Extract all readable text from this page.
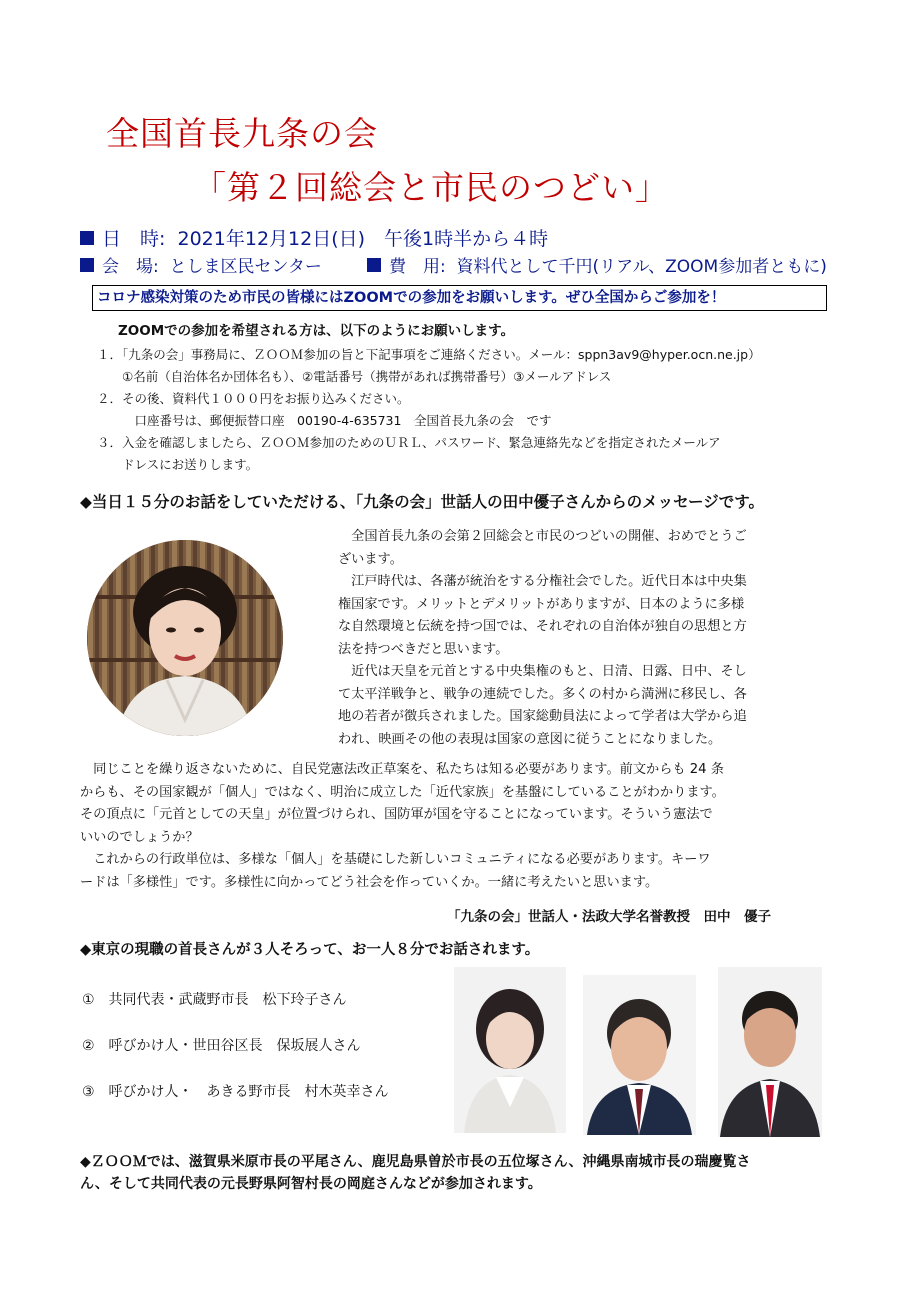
全国首長九条の会
「第２回総会と市民のつどい」
日　時: 2021年12月12日(日)　午後1時半から４時
会　場: としま区民センター	費　用: 資料代として千円(リアル、ZOOM参加者ともに)
コロナ感染対策のため市民の皆様にはZOOMでの参加をお願いします。ぜひ全国からご参加を！
ZOOMでの参加を希望される方は、以下のようにお願いします。
１．「九条の会」事務局に、ＺＯＯＭ参加の旨と下記事項をご連絡ください。メール：sppn3av9@hyper.ocn.ne.jp）
　　①名前（自治体名か団体名も）、②電話番号（携帯があれば携帯番号）③メールアドレス
２．その後、資料代１０００円をお振り込みください。
　　　口座番号は、郵便振替口座　00190-4-635731　全国首長九条の会　です
３．入金を確認しましたら、ＺＯＯＭ参加のためのＵＲＬ、パスワード、緊急連絡先などを指定されたメールア
　　ドレスにお送りします。
◆当日１５分のお話をしていただける、「九条の会」世話人の田中優子さんからのメッセージです。
　全国首長九条の会第２回総会と市民のつどいの開催、おめでとうご
ざいます。
　江戸時代は、各藩が統治をする分権社会でした。近代日本は中央集
権国家です。メリットとデメリットがありますが、日本のように多様
な自然環境と伝統を持つ国では、それぞれの自治体が独自の思想と方
法を持つべきだと思います。
　近代は天皇を元首とする中央集権のもと、日清、日露、日中、そし
て太平洋戦争と、戦争の連続でした。多くの村から満洲に移民し、各
地の若者が徴兵されました。国家総動員法によって学者は大学から追
われ、映画その他の表現は国家の意図に従うことになりました。
　同じことを繰り返さないために、自民党憲法改正草案を、私たちは知る必要があります。前文からも 24 条
からも、その国家観が「個人」ではなく、明治に成立した「近代家族」を基盤にしていることがわかります。
その頂点に「元首としての天皇」が位置づけられ、国防軍が国を守ることになっています。そういう憲法で
いいのでしょうか？
　これからの行政単位は、多様な「個人」を基礎にした新しいコミュニティになる必要があります。キーワ
ードは「多様性」です。多様性に向かってどう社会を作っていくか。一緒に考えたいと思います。
「九条の会」世話人・法政大学名誉教授　田中　優子
◆東京の現職の首長さんが３人そろって、お一人８分でお話されます。
①　共同代表・武蔵野市長　松下玲子さん
②　呼びかけ人・世田谷区長　保坂展人さん
③　呼びかけ人・　あきる野市長　村木英幸さん
◆ＺＯＯＭでは、滋賀県米原市長の平尾さん、鹿児島県曽於市長の五位塚さん、沖縄県南城市長の瑞慶覧さ
ん、そして共同代表の元長野県阿智村長の岡庭さんなどが参加されます。
